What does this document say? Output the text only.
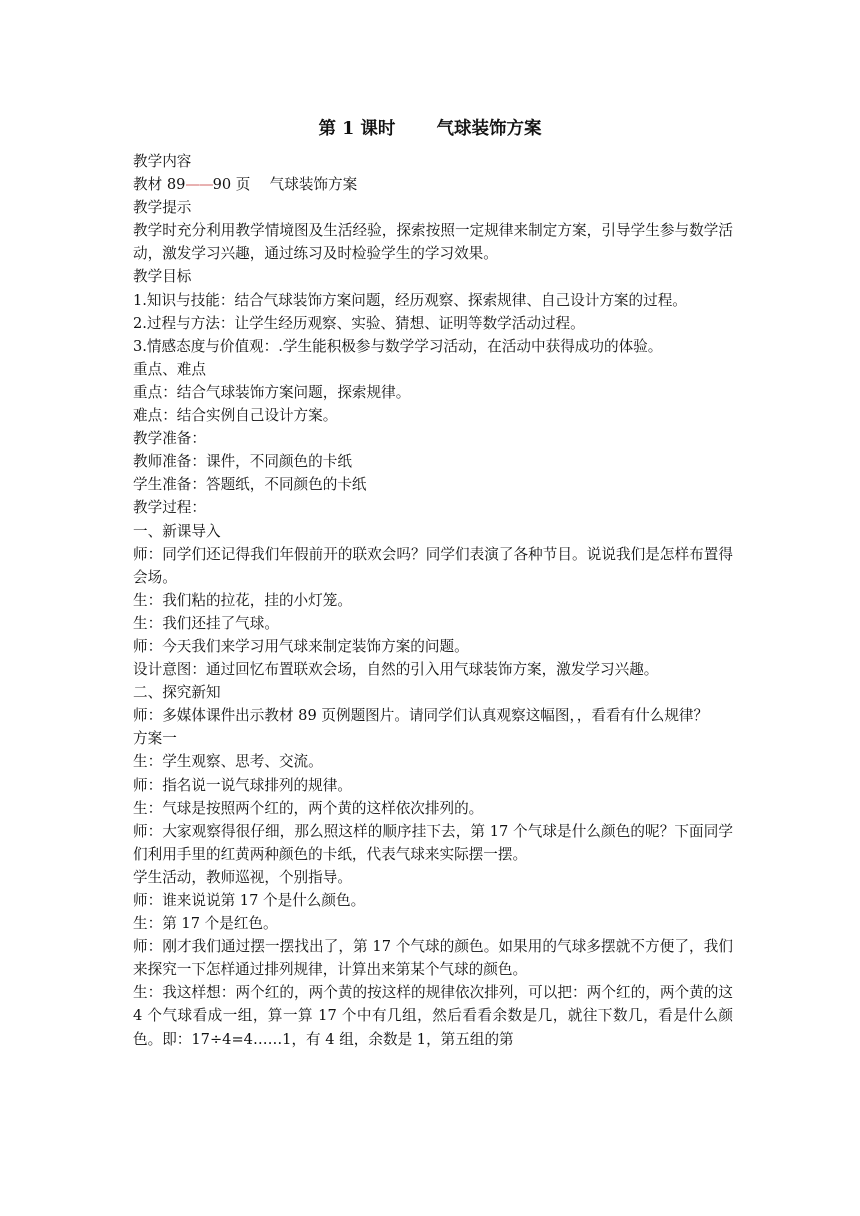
第 1 课时　　 气球装饰方案

教学内容

教材 89——90 页　 气球装饰方案

教学提示

教学时充分利用教学情境图及生活经验，探索按照一定规律来制定方案，引导学生参与数学活动，激发学习兴趣，通过练习及时检验学生的学习效果。

教学目标

1.知识与技能：结合气球装饰方案问题，经历观察、探索规律、自己设计方案的过程。

2.过程与方法：让学生经历观察、实验、猜想、证明等数学活动过程。

3.情感态度与价值观：.学生能积极参与数学学习活动，在活动中获得成功的体验。

重点、难点

重点：结合气球装饰方案问题，探索规律。

难点：结合实例自己设计方案。

教学准备：

教师准备：课件，不同颜色的卡纸

学生准备：答题纸，不同颜色的卡纸

教学过程：

一、新课导入

师：同学们还记得我们年假前开的联欢会吗？同学们表演了各种节目。说说我们是怎样布置得会场。

生：我们粘的拉花，挂的小灯笼。

生：我们还挂了气球。

师：今天我们来学习用气球来制定装饰方案的问题。

设计意图：通过回忆布置联欢会场，自然的引入用气球装饰方案，激发学习兴趣。

二、探究新知

师：多媒体课件出示教材 89 页例题图片。请同学们认真观察这幅图，，看看有什么规律？

方案一

生：学生观察、思考、交流。

师：指名说一说气球排列的规律。

生：气球是按照两个红的，两个黄的这样依次排列的。

师：大家观察得很仔细，那么照这样的顺序挂下去，第 17 个气球是什么颜色的呢？下面同学们利用手里的红黄两种颜色的卡纸，代表气球来实际摆一摆。

学生活动，教师巡视，个别指导。

师：谁来说说第 17 个是什么颜色。

生：第 17 个是红色。

师：刚才我们通过摆一摆找出了，第 17 个气球的颜色。如果用的气球多摆就不方便了，我们来探究一下怎样通过排列规律，计算出来第某个气球的颜色。

生：我这样想：两个红的，两个黄的按这样的规律依次排列，可以把：两个红的，两个黄的这 4 个气球看成一组，算一算 17 个中有几组，然后看看余数是几，就往下数几，看是什么颜色。即：17÷4=4……1，有 4 组，余数是 1，第五组的第
